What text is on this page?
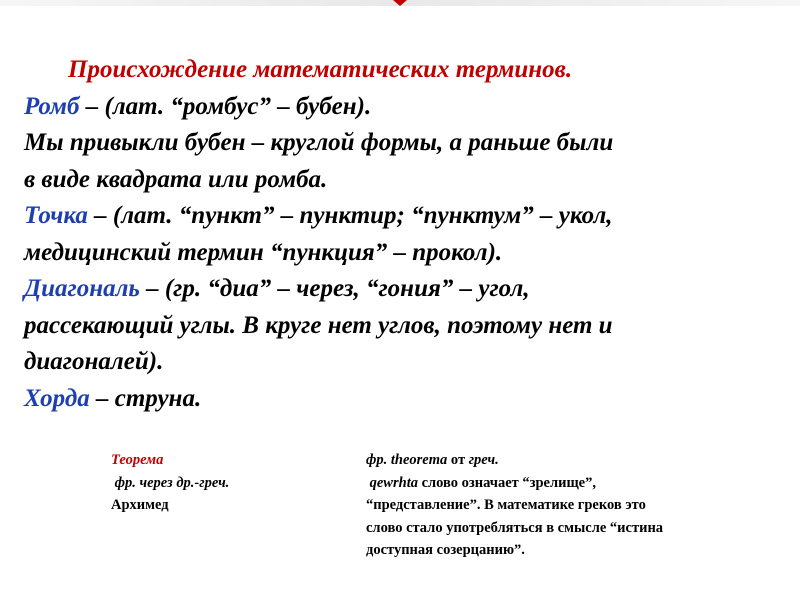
Происхождение математических терминов.

Ромб – (лат. “ромбус” – бубен).

Мы привыкли бубен – круглой формы, а раньше были

в виде квадрата или ромба.

Точка – (лат. “пункт” – пунктир; “пунктум” – укол,

медицинский термин “пункция” – прокол).

Диагональ – (гр. “диа” – через, “гония” – угол,

рассекающий углы. В круге нет углов, поэтому нет и

диагоналей).

Хорда – струна.

Теорема

фр. через др.-греч.

Архимед

фр. theorema от греч.

qewrhta слово означает “зрелище”,

“представление”. В математике греков это

слово стало употребляться в смысле “истина

доступная созерцанию”.
